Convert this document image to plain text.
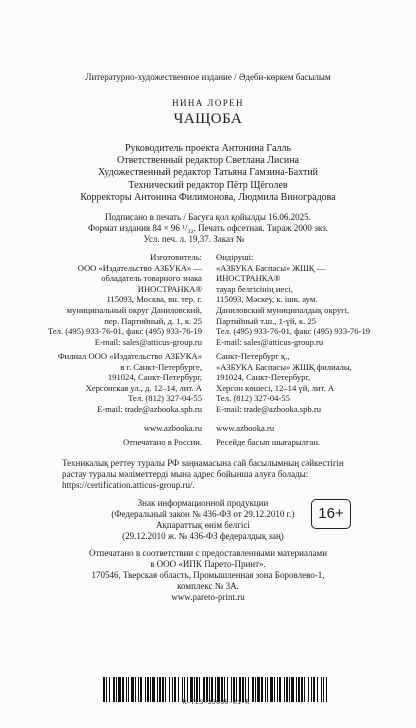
Литературно-художественное издание / Әдеби-көркем басылым
НИНА ЛОРЕН
ЧАЩОБА
Руководитель проекта Антонина Галль
Ответственный редактор Светлана Лисина
Художественный редактор Татьяна Гамзина-Бахтий
Технический редактор Пётр Щёголев
Корректоры Антонина Филимонова, Людмила Виноградова
Подписано в печать / Басуға қол қойылды 16.06.2025.
Формат издания 84 × 96 ¹/₃₂. Печать офсетная. Тираж 2000 экз.
Усл. печ. л. 19,37. Заказ №
Изготовитель:
ООО «Издательство АЗБУКА» —
обладатель товарного знака
ИНОСТРАНКА®
115093, Москва, вн. тер. г.
муниципальный округ Даниловский,
пер. Партийный, д. 1, к. 25
Тел. (495) 933-76-01, факс (495) 933-76-19
E-mail: sales@atticus-group.ru
Өндіруші:
«АЗБУКА Баспасы» ЖШҚ —
ИНОСТРАНКА®
тауар белгісінің иесі,
115093, Мәскеу, к. ішк. аум.
Даниловский муниципалдық округі,
Партийный т.ш., 1-үй, к. 25
Тел. (495) 933-76-01, факс (495) 933-76-19
E-mail: sales@atticus-group.ru
Филиал ООО «Издательство АЗБУКА»
в г. Санкт-Петербурге,
191024, Санкт-Петербург,
Херсонская ул., д. 12–14, лит. А
Тел. (812) 327-04-55
E-mail: trade@azbooka.spb.ru
Санкт-Петербург қ.,
«АЗБУКА Баспасы» ЖШҚ филиалы,
191024, Санкт-Петербург,
Херсон көшесі, 12–14 үй, лит. А
Тел. (812) 327-04-55
E-mail: trade@azbooka.spb.ru
www.azbooka.ru www.azbooka.ru
Отпечатано в России. Ресейде басып шығарылған.
Техникалық реттеу туралы РФ заңнамасына сай басылымның сәйкестігін
растау туралы мәліметтерді мына адрес бойынша алуға болады:
https://certification.atticus-group.ru/.
Знак информационной продукции
(Федеральный закон № 436-ФЗ от 29.12.2010 г.)
Ақпараттық өнім белгісі
(29.12.2010 ж. № 436-ФЗ федералдық заң)
16+
Отпечатано в соответствии с предоставленными материалами
в ООО «ИПК Парето-Принт».
170546, Тверская область, Промышленная зона Боровлево-1,
комплекс № 3А.
www.pareto-print.ru
R-TLS-35688-01-R
